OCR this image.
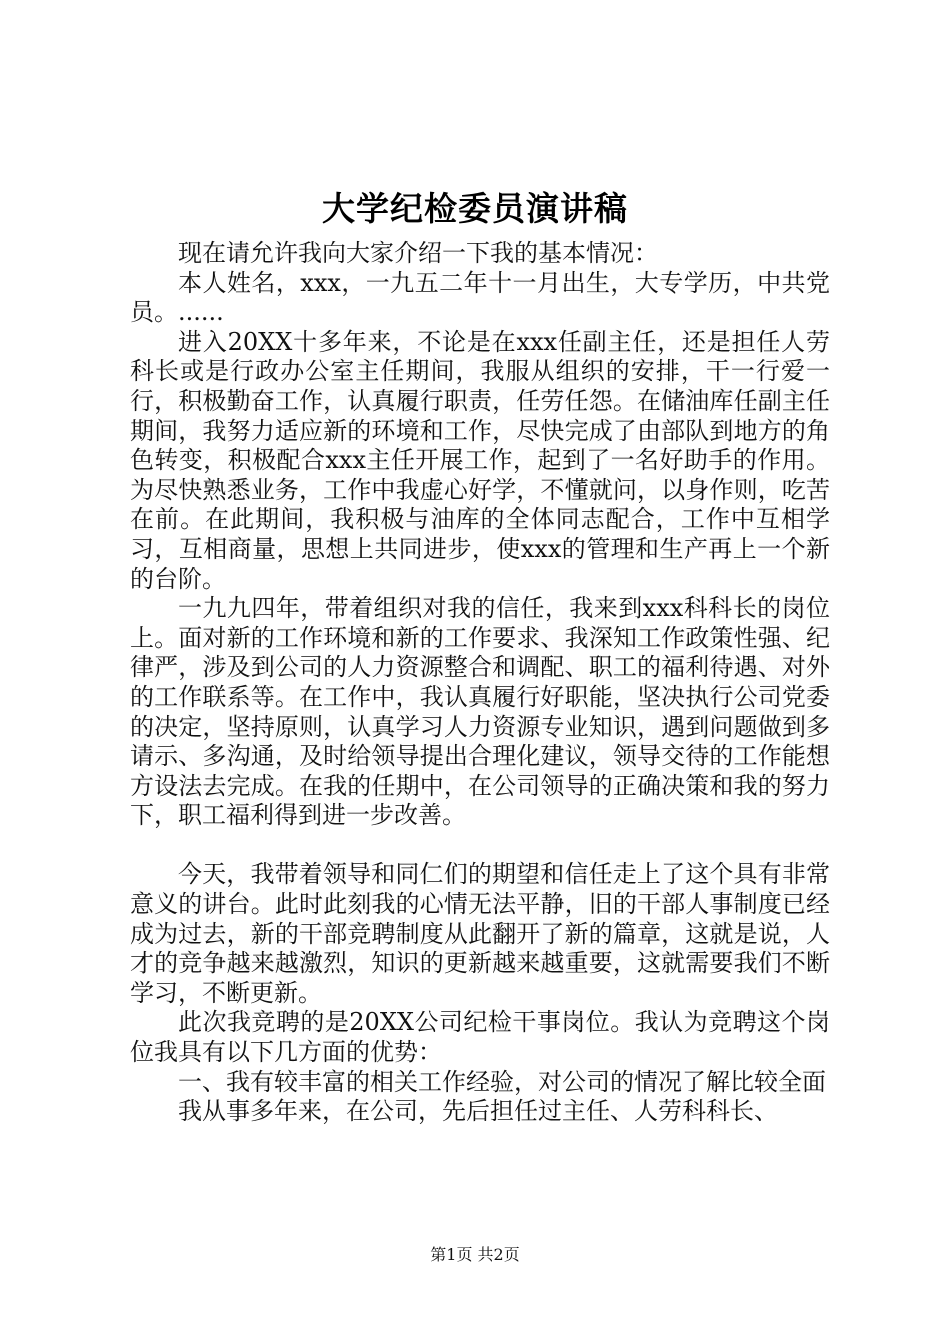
大学纪检委员演讲稿

现在请允许我向大家介绍一下我的基本情况：

本人姓名，xxx，一九五二年十一月出生，大专学历，中共党员。......

进入20XX十多年来，不论是在xxx任副主任，还是担任人劳科长或是行政办公室主任期间，我服从组织的安排，干一行爱一行，积极勤奋工作，认真履行职责，任劳任怨。在储油库任副主任期间，我努力适应新的环境和工作，尽快完成了由部队到地方的角色转变，积极配合xxx主任开展工作，起到了一名好助手的作用。为尽快熟悉业务，工作中我虚心好学，不懂就问，以身作则，吃苦在前。在此期间，我积极与油库的全体同志配合，工作中互相学习，互相商量，思想上共同进步，使xxx的管理和生产再上一个新的台阶。

一九九四年，带着组织对我的信任，我来到xxx科科长的岗位上。面对新的工作环境和新的工作要求、我深知工作政策性强、纪律严，涉及到公司的人力资源整合和调配、职工的福利待遇、对外的工作联系等。在工作中，我认真履行好职能，坚决执行公司党委的决定，坚持原则，认真学习人力资源专业知识，遇到问题做到多请示、多沟通，及时给领导提出合理化建议，领导交待的工作能想方设法去完成。在我的任期中，在公司领导的正确决策和我的努力下，职工福利得到进一步改善。

今天，我带着领导和同仁们的期望和信任走上了这个具有非常意义的讲台。此时此刻我的心情无法平静，旧的干部人事制度已经成为过去，新的干部竞聘制度从此翻开了新的篇章，这就是说，人才的竞争越来越激烈，知识的更新越来越重要，这就需要我们不断学习，不断更新。

此次我竞聘的是20XX公司纪检干事岗位。我认为竞聘这个岗位我具有以下几方面的优势：

一、我有较丰富的相关工作经验，对公司的情况了解比较全面

我从事多年来，在公司，先后担任过主任、人劳科科长、

第1页 共2页
